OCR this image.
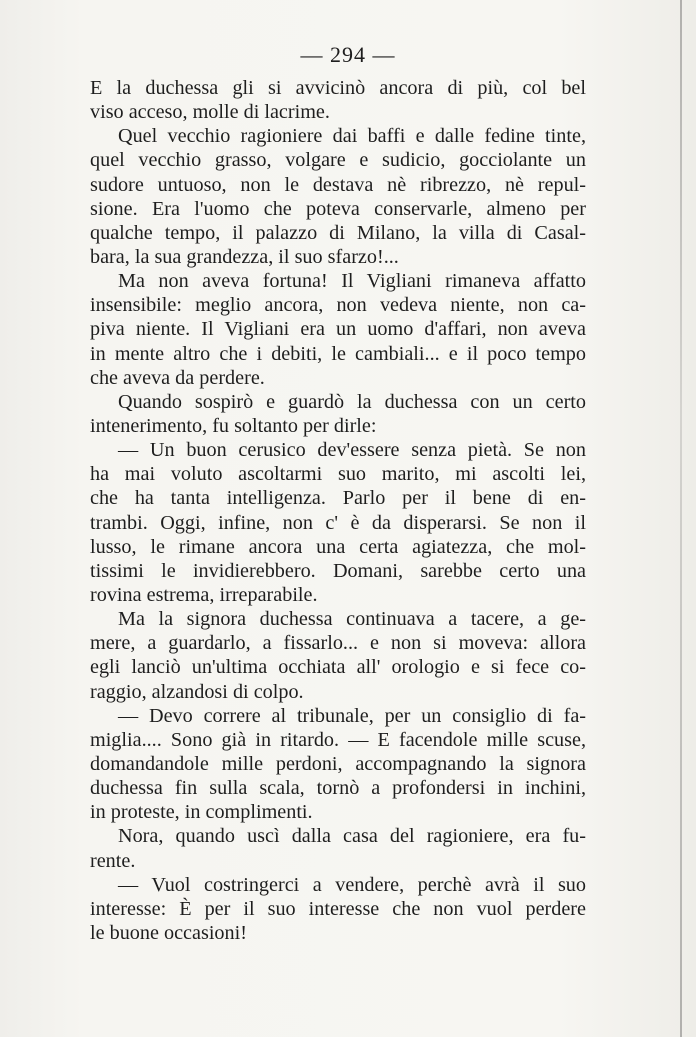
— 294 —
E la duchessa gli si avvicinò ancora di più, col bel
viso acceso, molle di lacrime.
Quel vecchio ragioniere dai baffi e dalle fedine tinte,
quel vecchio grasso, volgare e sudicio, gocciolante un
sudore untuoso, non le destava nè ribrezzo, nè repul-
sione. Era l'uomo che poteva conservarle, almeno per
qualche tempo, il palazzo di Milano, la villa di Casal-
bara, la sua grandezza, il suo sfarzo!...
Ma non aveva fortuna! Il Vigliani rimaneva affatto
insensibile: meglio ancora, non vedeva niente, non ca-
piva niente. Il Vigliani era un uomo d'affari, non aveva
in mente altro che i debiti, le cambiali... e il poco tempo
che aveva da perdere.
Quando sospirò e guardò la duchessa con un certo
intenerimento, fu soltanto per dirle:
— Un buon cerusico dev'essere senza pietà. Se non
ha mai voluto ascoltarmi suo marito, mi ascolti lei,
che ha tanta intelligenza. Parlo per il bene di en-
trambi. Oggi, infine, non c' è da disperarsi. Se non il
lusso, le rimane ancora una certa agiatezza, che mol-
tissimi le invidierebbero. Domani, sarebbe certo una
rovina estrema, irreparabile.
Ma la signora duchessa continuava a tacere, a ge-
mere, a guardarlo, a fissarlo... e non si moveva: allora
egli lanciò un'ultima occhiata all' orologio e si fece co-
raggio, alzandosi di colpo.
— Devo correre al tribunale, per un consiglio di fa-
miglia.... Sono già in ritardo. — E facendole mille scuse,
domandandole mille perdoni, accompagnando la signora
duchessa fin sulla scala, tornò a profondersi in inchini,
in proteste, in complimenti.
Nora, quando uscì dalla casa del ragioniere, era fu-
rente.
— Vuol costringerci a vendere, perchè avrà il suo
interesse: È per il suo interesse che non vuol perdere
le buone occasioni!
